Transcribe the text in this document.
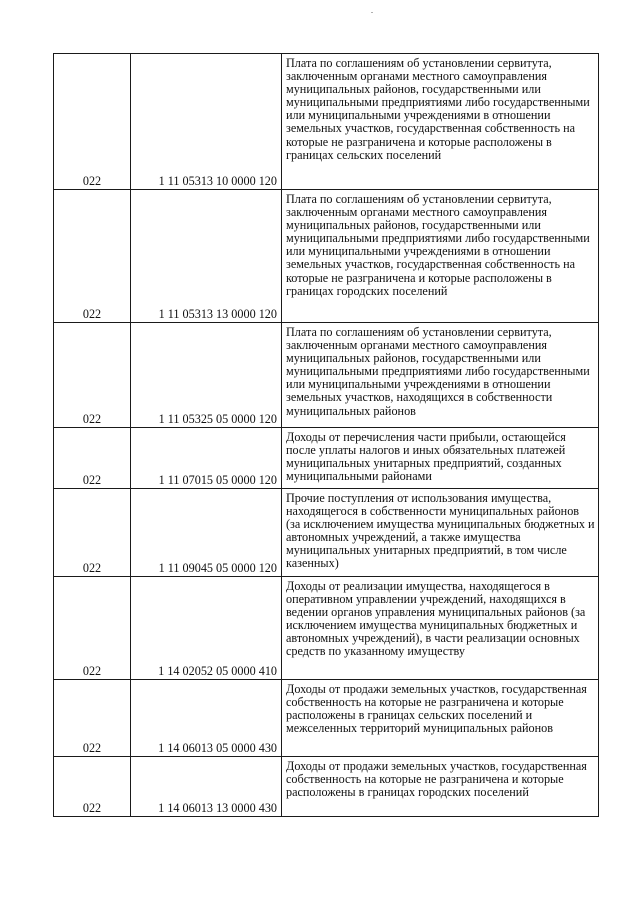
022	1 11 05313 10 0000 120	Плата по соглашениям об установлении сервитута, заключенным органами местного самоуправления муниципальных районов, государственными или муниципальными предприятиями либо государственными или муниципальными учреждениями в отношении земельных участков, государственная собственность на которые не разграничена и которые расположены в границах сельских поселений
022	1 11 05313 13 0000 120	Плата по соглашениям об установлении сервитута, заключенным органами местного самоуправления муниципальных районов, государственными или муниципальными предприятиями либо государственными или муниципальными учреждениями в отношении земельных участков, государственная собственность на которые не разграничена и которые расположены в границах городских поселений
022	1 11 05325 05 0000 120	Плата по соглашениям об установлении сервитута, заключенным органами местного самоуправления муниципальных районов, государственными или муниципальными предприятиями либо государственными или муниципальными учреждениями в отношении земельных участков, находящихся в собственности муниципальных районов
022	1 11 07015 05 0000 120	Доходы от перечисления части прибыли, остающейся после уплаты налогов и иных обязательных платежей муниципальных унитарных предприятий, созданных муниципальными районами
022	1 11 09045 05 0000 120	Прочие поступления от использования имущества, находящегося в собственности муниципальных районов (за исключением имущества муниципальных бюджетных и автономных учреждений, а также имущества муниципальных унитарных предприятий, в том числе казенных)
022	1 14 02052 05 0000 410	Доходы от реализации имущества, находящегося в оперативном управлении учреждений, находящихся в ведении органов управления муниципальных районов (за исключением имущества муниципальных бюджетных и автономных учреждений), в части реализации основных средств по указанному имуществу
022	1 14 06013 05 0000 430	Доходы от продажи земельных участков, государственная собственность на которые не разграничена и которые расположены в границах сельских поселений и межселенных территорий муниципальных районов
022	1 14 06013 13 0000 430	Доходы от продажи земельных участков, государственная собственность на которые не разграничена и которые расположены в границах городских поселений
